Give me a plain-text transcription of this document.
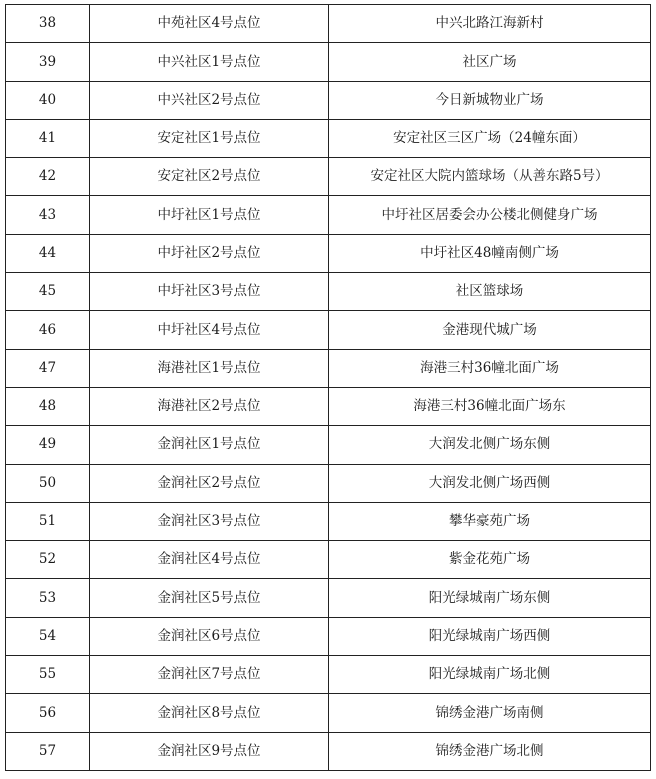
38	中苑社区4号点位	中兴北路江海新村
39	中兴社区1号点位	社区广场
40	中兴社区2号点位	今日新城物业广场
41	安定社区1号点位	安定社区三区广场（24幢东面）
42	安定社区2号点位	安定社区大院内篮球场（从善东路5号）
43	中圩社区1号点位	中圩社区居委会办公楼北侧健身广场
44	中圩社区2号点位	中圩社区48幢南侧广场
45	中圩社区3号点位	社区篮球场
46	中圩社区4号点位	金港现代城广场
47	海港社区1号点位	海港三村36幢北面广场
48	海港社区2号点位	海港三村36幢北面广场东
49	金润社区1号点位	大润发北侧广场东侧
50	金润社区2号点位	大润发北侧广场西侧
51	金润社区3号点位	攀华豪苑广场
52	金润社区4号点位	紫金花苑广场
53	金润社区5号点位	阳光绿城南广场东侧
54	金润社区6号点位	阳光绿城南广场西侧
55	金润社区7号点位	阳光绿城南广场北侧
56	金润社区8号点位	锦绣金港广场南侧
57	金润社区9号点位	锦绣金港广场北侧
